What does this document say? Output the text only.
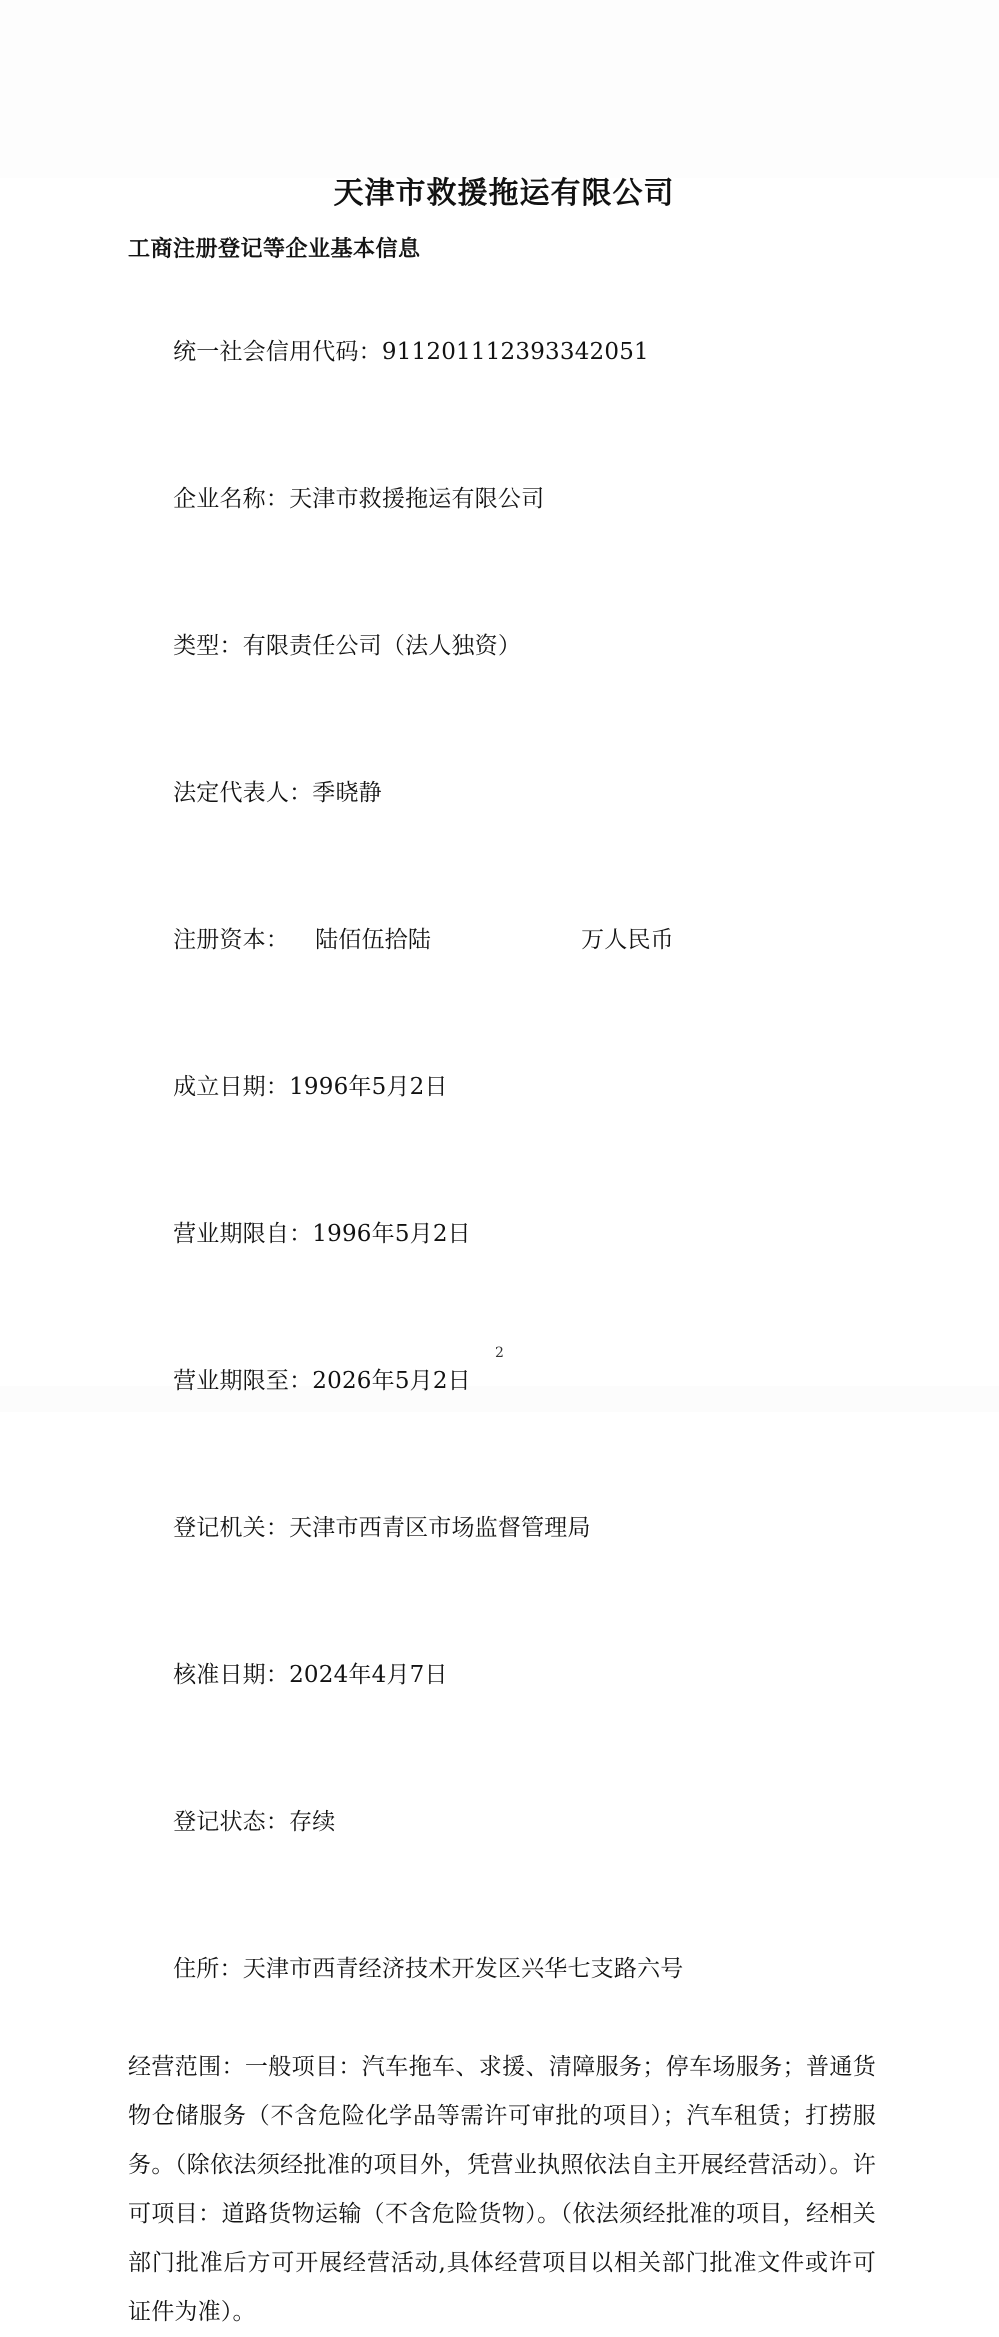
天津市救援拖运有限公司
工商注册登记等企业基本信息

统一社会信用代码：911201112393342051

企业名称：天津市救援拖运有限公司

类型：有限责任公司（法人独资）

法定代表人：季晓静

注册资本： 陆佰伍拾陆	万人民币

成立日期：1996年5月2日

营业期限自：1996年5月2日

营业期限至：2026年5月2日

登记机关：天津市西青区市场监督管理局

核准日期：2024年4月7日

登记状态：存续

住所：天津市西青经济技术开发区兴华七支路六号

经营范围：一般项目：汽车拖车、求援、清障服务；停车场服务；普通货物仓储服务（不含危险化学品等需许可审批的项目）；汽车租赁；打捞服务。（除依法须经批准的项目外，凭营业执照依法自主开展经营活动）。许可项目：道路货物运输（不含危险货物）。（依法须经批准的项目，经相关部门批准后方可开展经营活动,具体经营项目以相关部门批准文件或许可证件为准）。

2
